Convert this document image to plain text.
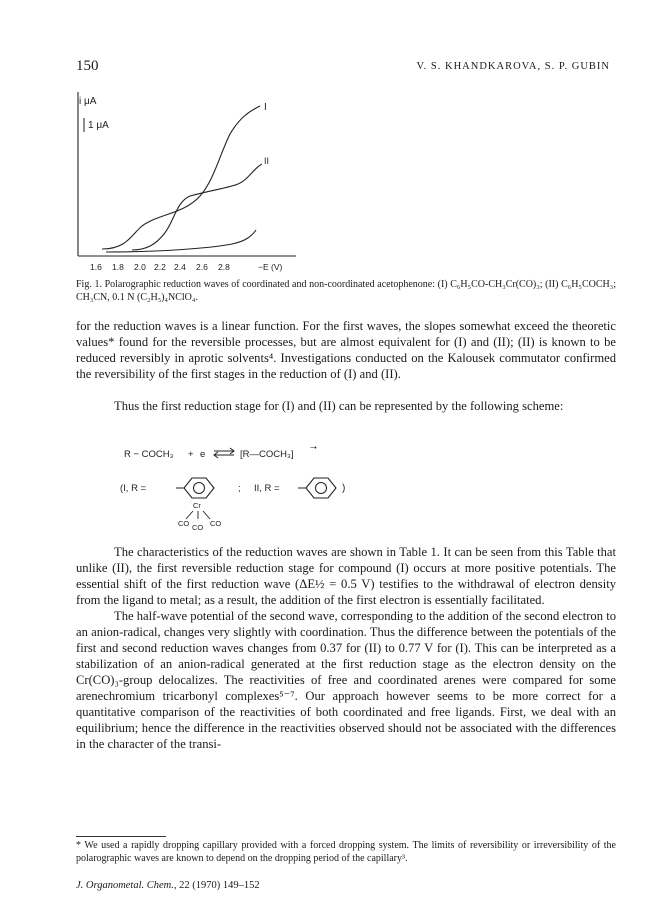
150	V. S. KHANDKAROVA, S. P. GUBIN
i μA
1 μA
I
II
1.6 1.8 2.0 2.2 2.4 2.6 2.8	−E (V)
Fig. 1. Polarographic reduction waves of coordinated and non-coordinated acetophenone: (I) C₆H₅CO-CH₃Cr(CO)₃; (II) C₆H₅COCH₃; CH₃CN, 0.1 N (C₂H₅)₄NClO₄.

for the reduction waves is a linear function. For the first waves, the slopes somewhat exceed the theoretic values* found for the reversible processes, but are almost equivalent for (I) and (II); (II) is known to be reduced reversibly in aprotic solvents⁴. Investigations conducted on the Kalousek commutator confirmed the reversibility of the first stages in the reduction of (I) and (II).

Thus the first reduction stage for (I) and (II) can be represented by the following scheme:

R − COCH₃ + e	[R—COCH₃]
−•
(I, R =
Cr
CO CO CO
; II, R =	)

The characteristics of the reduction waves are shown in Table 1. It can be seen from this Table that unlike (II), the first reversible reduction stage for compound (I) occurs at more positive potentials. The essential shift of the first reduction wave (ΔE½ = 0.5 V) testifies to the withdrawal of electron density from the ligand to metal; as a result, the addition of the first electron is essentially facilitated.

The half-wave potential of the second wave, corresponding to the addition of the second electron to an anion-radical, changes very slightly with coordination. Thus the difference between the potentials of the first and second reduction waves changes from 0.37 for (II) to 0.77 V for (I). This can be interpreted as a stabilization of an anion-radical generated at the first reduction stage as the electron density on the Cr(CO)₃-group delocalizes. The reactivities of free and coordinated arenes were compared for some arenechromium tricarbonyl complexes⁵⁻⁷. Our approach however seems to be more correct for a quantitative comparison of the reactivities of both coordinated and free ligands. First, we deal with an equilibrium; hence the difference in the reactivities observed should not be associated with the differences in the character of the transi-

* We used a rapidly dropping capillary provided with a forced dropping system. The limits of reversibility or irreversibility of the polarographic waves are known to depend on the dropping period of the capillary³.
J. Organometal. Chem., 22 (1970) 149–152
